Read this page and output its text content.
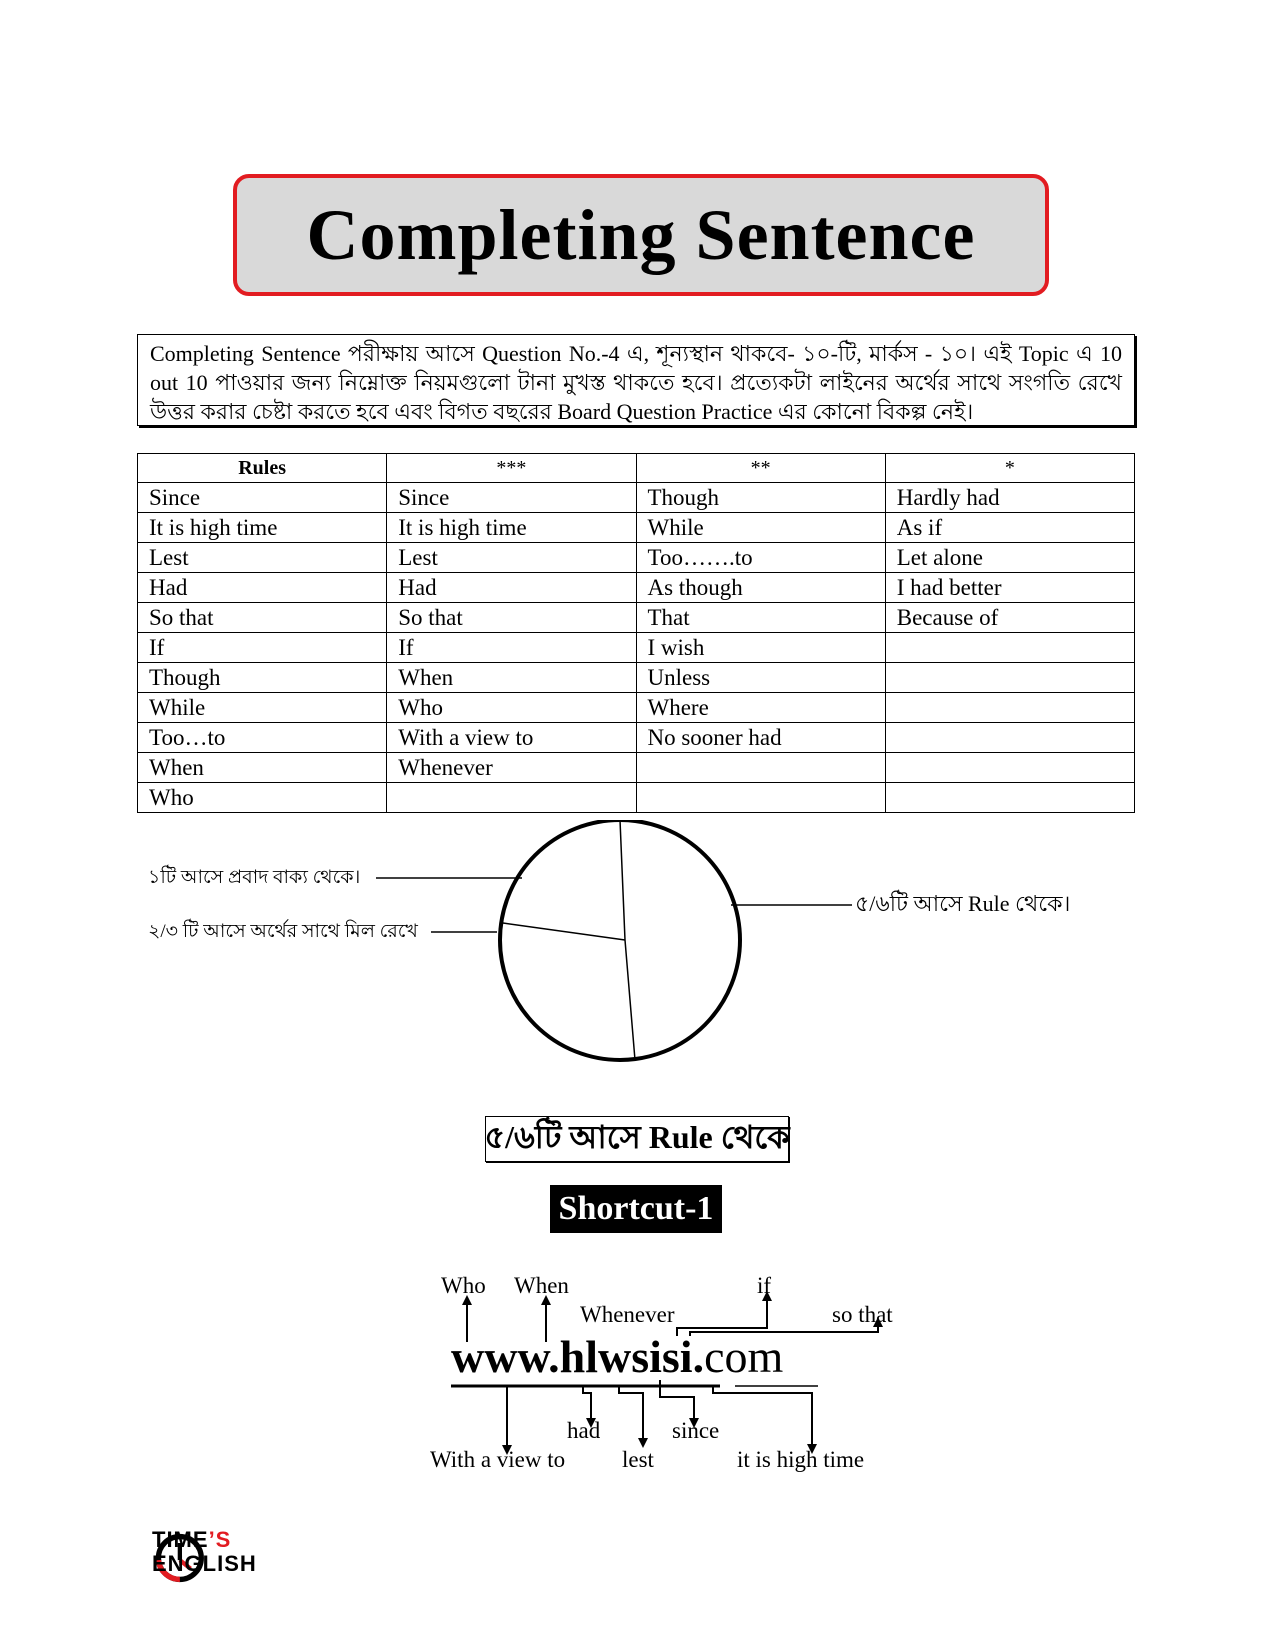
Completing Sentence
Completing Sentence পরীক্ষায় আসে Question No.-4 এ, শূন্যস্থান থাকবে- ১০-টি, মার্কস - ১০। এই Topic এ 10 out 10 পাওয়ার জন্য নিম্নোক্ত নিয়মগুলো টানা মুখস্ত থাকতে হবে। প্রত্যেকটা লাইনের অর্থের সাথে সংগতি রেখে উত্তর করার চেষ্টা করতে হবে এবং বিগত বছরের Board Question Practice এর কোনো বিকল্প নেই।
Rules	***	**	*
Since	Since	Though	Hardly had
It is high time	It is high time	While	As if
Lest	Lest	Too…….to	Let alone
Had	Had	As though	I had better
So that	So that	That	Because of
If	If	I wish	
Though	When	Unless	
While	Who	Where	
Too…to	With a view to	No sooner had	
When	Whenever		
Who			
১টি আসে প্রবাদ বাক্য থেকে।
২/৩ টি আসে অর্থের সাথে মিল রেখে
৫/৬টি আসে Rule থেকে।
৫/৬টি আসে Rule থেকে
Shortcut-1
Who When
Whenever
if
so that
www.hlwsisi.com
had	since
With a view to lest	it is high time
TIME’S
ENGLISH
